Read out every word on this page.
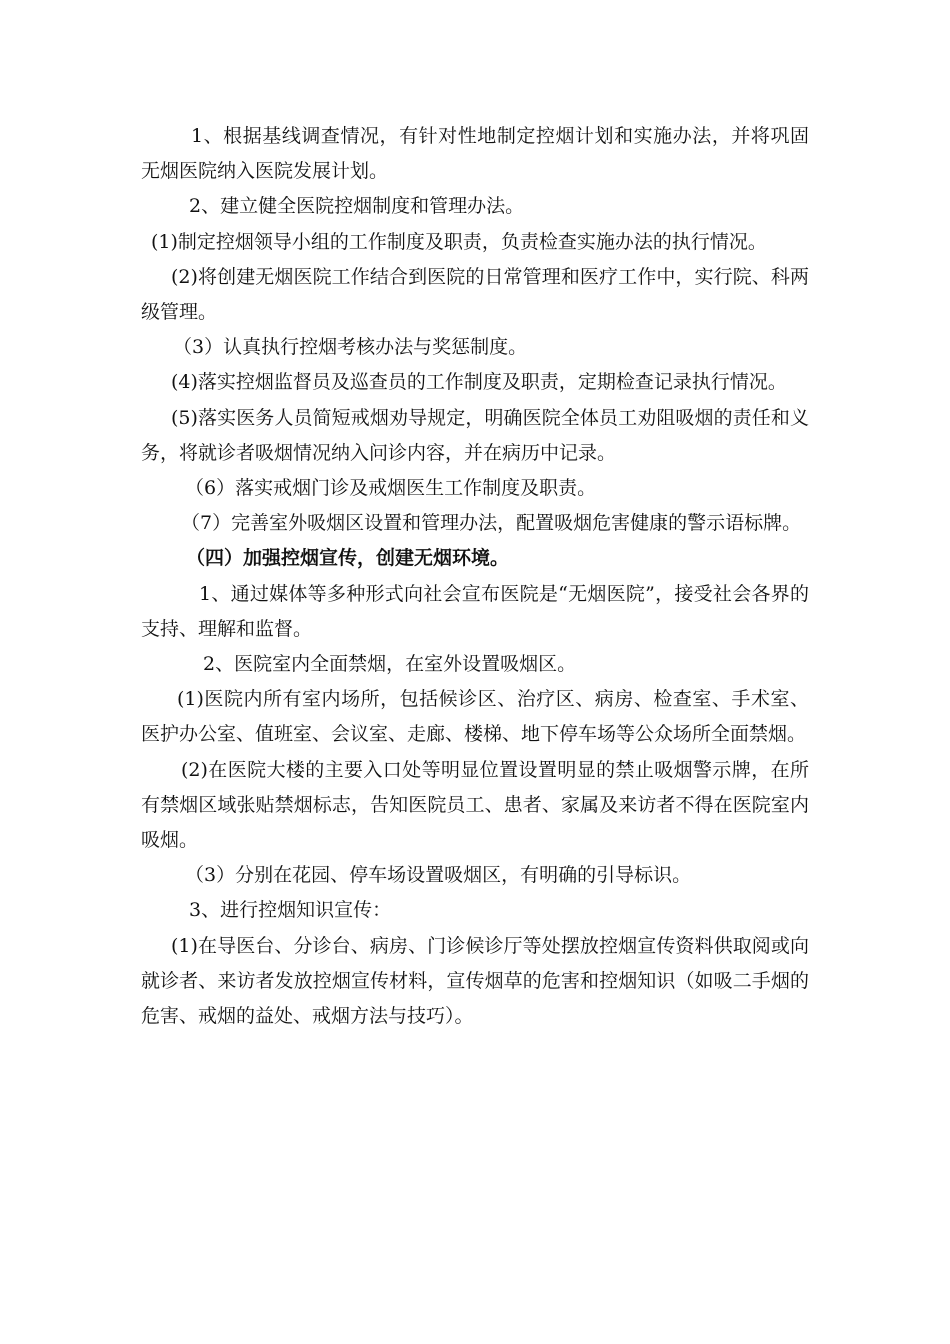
1、根据基线调查情况，有针对性地制定控烟计划和实施办法，并将巩固无烟医院纳入医院发展计划。

2、建立健全医院控烟制度和管理办法。

(1)制定控烟领导小组的工作制度及职责，负责检查实施办法的执行情况。

(2)将创建无烟医院工作结合到医院的日常管理和医疗工作中，实行院、科两级管理。

（3）认真执行控烟考核办法与奖惩制度。

(4)落实控烟监督员及巡查员的工作制度及职责，定期检查记录执行情况。

(5)落实医务人员简短戒烟劝导规定，明确医院全体员工劝阻吸烟的责任和义务，将就诊者吸烟情况纳入问诊内容，并在病历中记录。

（6）落实戒烟门诊及戒烟医生工作制度及职责。

（7）完善室外吸烟区设置和管理办法，配置吸烟危害健康的警示语标牌。

（四）加强控烟宣传，创建无烟环境。

1、通过媒体等多种形式向社会宣布医院是“无烟医院”，接受社会各界的支持、理解和监督。

2、医院室内全面禁烟，在室外设置吸烟区。

(1)医院内所有室内场所，包括候诊区、治疗区、病房、检查室、手术室、医护办公室、值班室、会议室、走廊、楼梯、地下停车场等公众场所全面禁烟。

(2)在医院大楼的主要入口处等明显位置设置明显的禁止吸烟警示牌，在所有禁烟区域张贴禁烟标志，告知医院员工、患者、家属及来访者不得在医院室内吸烟。

（3）分别在花园、停车场设置吸烟区，有明确的引导标识。

3、进行控烟知识宣传：

(1)在导医台、分诊台、病房、门诊候诊厅等处摆放控烟宣传资料供取阅或向就诊者、来访者发放控烟宣传材料，宣传烟草的危害和控烟知识（如吸二手烟的危害、戒烟的益处、戒烟方法与技巧）。
